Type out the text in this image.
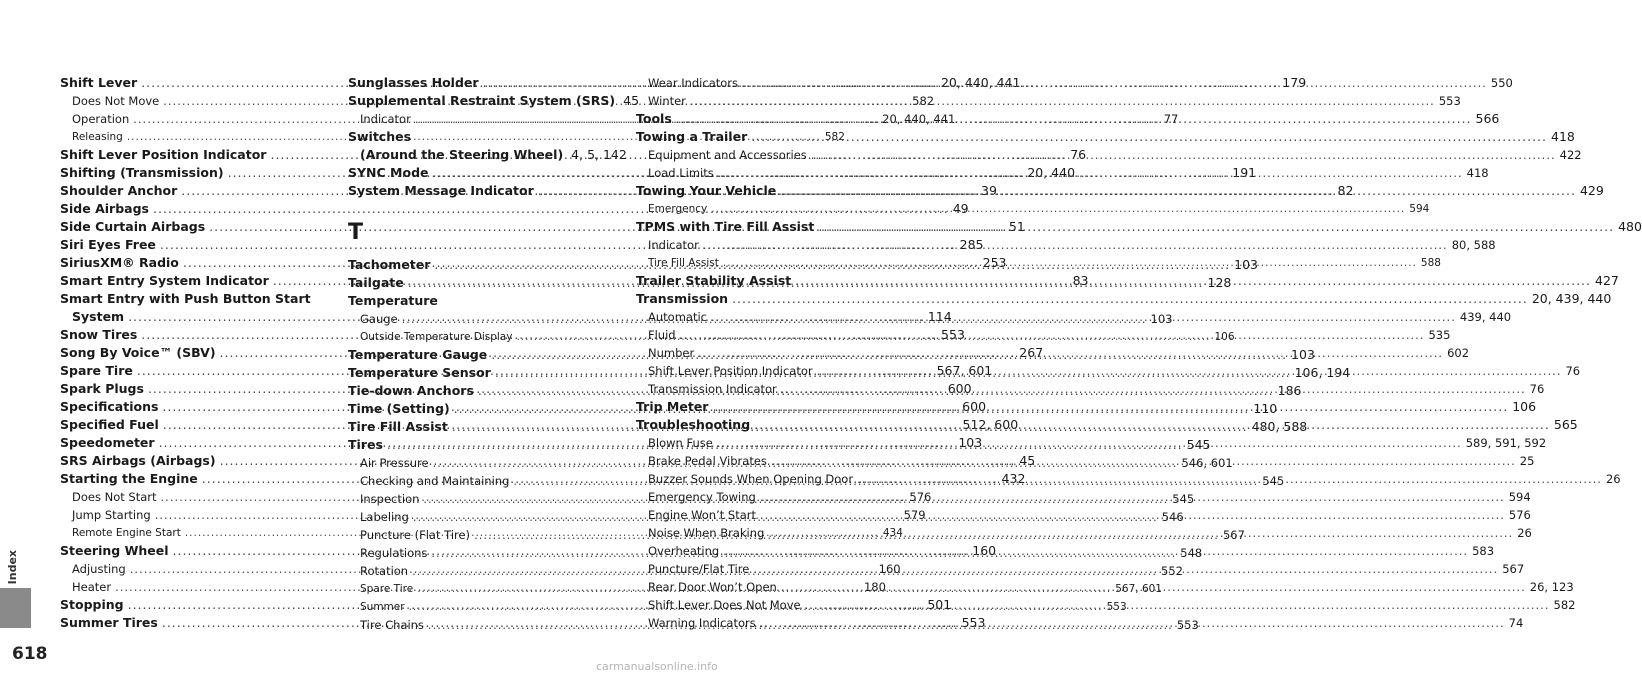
Index
618
Shift Lever .....	20, 440, 441
Does Not Move .....	582
Operation .....	20, 440, 441
Releasing .....	582
Shift Lever Position Indicator .....	76
Shifting (Transmission) .....	20, 440
Shoulder Anchor .....	39
Side Airbags .....	49
Side Curtain Airbags .....	51
Siri Eyes Free .....	285
SiriusXM® Radio .....	253
Smart Entry System Indicator .....	83
Smart Entry with Push Button Start
System .....	114
Snow Tires .....	553
Song By Voice™ (SBV) .....	267
Spare Tire .....	567, 601
Spark Plugs .....	600
Specifications .....	600
Specified Fuel .....	512, 600
Speedometer .....	103
SRS Airbags (Airbags) .....	45
Starting the Engine .....	432
Does Not Start .....	576
Jump Starting .....	579
Remote Engine Start .....	434
Steering Wheel .....	160
Adjusting .....	160
Heater .....	180
Stopping .....	501
Summer Tires .....	553
Sunglasses Holder .....	179
Supplemental Restraint System (SRS) 45
Indicator .....	77
Switches
(Around the Steering Wheel) 4, 5, 142
SYNC Mode .....	191
System Message Indicator .....	82
T
Tachometer .....	103
Tailgate .....	128
Temperature
Gauge .....	103
Outside Temperature Display .....	106
Temperature Gauge .....	103
Temperature Sensor .....	106, 194
Tie-down Anchors .....	186
Time (Setting) .....	110
Tire Fill Assist .....	480, 588
Tires .....	545
Air Pressure .....	546, 601
Checking and Maintaining .....	545
Inspection .....	545
Labeling .....	546
Puncture (Flat Tire) .....	567
Regulations .....	548
Rotation .....	552
Spare Tire .....	567, 601
Summer .....	553
Tire Chains .....	553
Wear Indicators .....	550
Winter .....	553
Tools .....	566
Towing a Trailer .....	418
Equipment and Accessories .....	422
Load Limits .....	418
Towing Your Vehicle .....	429
Emergency .....	594
TPMS with Tire Fill Assist .....	480
Indicator .....	80, 588
Tire Fill Assist .....	588
Trailer Stability Assist .....	427
Transmission .....	20, 439, 440
Automatic .....	439, 440
Fluid .....	535
Number .....	602
Shift Lever Position Indicator .....	76
Transmission Indicator .....	76
Trip Meter .....	106
Troubleshooting .....	565
Blown Fuse .....	589, 591, 592
Brake Pedal Vibrates .....	25
Buzzer Sounds When Opening Door .....	26
Emergency Towing .....	594
Engine Won’t Start .....	576
Noise When Braking .....	26
Overheating .....	583
Puncture/Flat Tire .....	567
Rear Door Won’t Open .....	26, 123
Shift Lever Does Not Move .....	582
Warning Indicators .....	74
carmanualsonline.info
